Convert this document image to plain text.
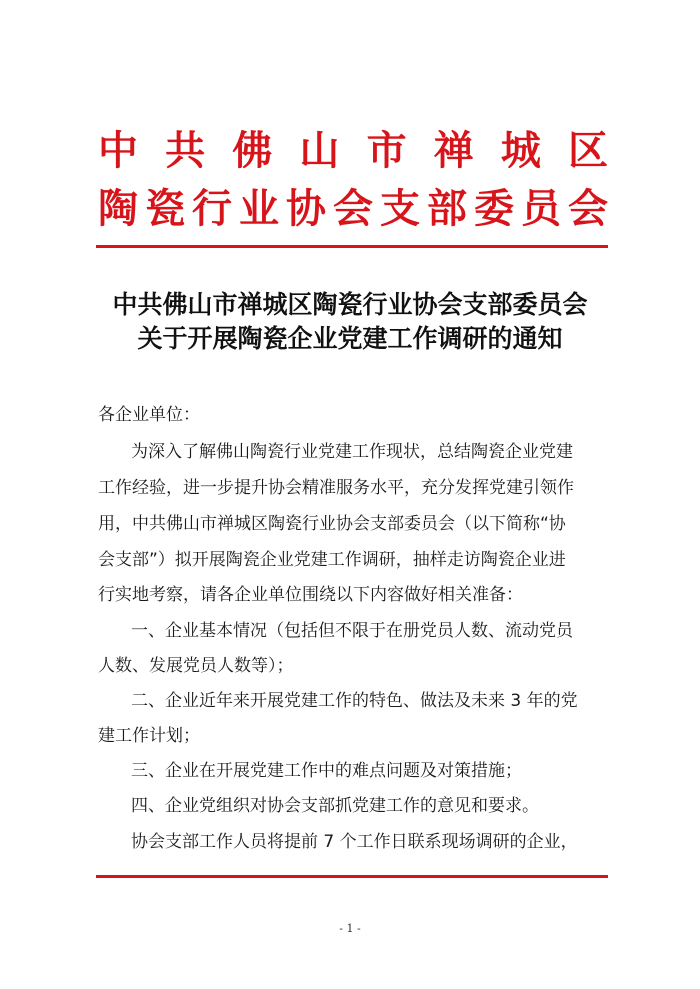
中 共 佛 山 市 禅 城 区
陶 瓷 行 业 协 会 支 部 委 员 会
中共佛山市禅城区陶瓷行业协会支部委员会
关于开展陶瓷企业党建工作调研的通知
各企业单位：
为深入了解佛山陶瓷行业党建工作现状，总结陶瓷企业党建
工作经验，进一步提升协会精准服务水平，充分发挥党建引领作
用，中共佛山市禅城区陶瓷行业协会支部委员会（以下简称“协
会支部”）拟开展陶瓷企业党建工作调研，抽样走访陶瓷企业进
行实地考察，请各企业单位围绕以下内容做好相关准备：
一、企业基本情况（包括但不限于在册党员人数、流动党员
人数、发展党员人数等）；
二、企业近年来开展党建工作的特色、做法及未来 3 年的党
建工作计划；
三、企业在开展党建工作中的难点问题及对策措施；
四、企业党组织对协会支部抓党建工作的意见和要求。
协会支部工作人员将提前 7 个工作日联系现场调研的企业，
- 1 -
